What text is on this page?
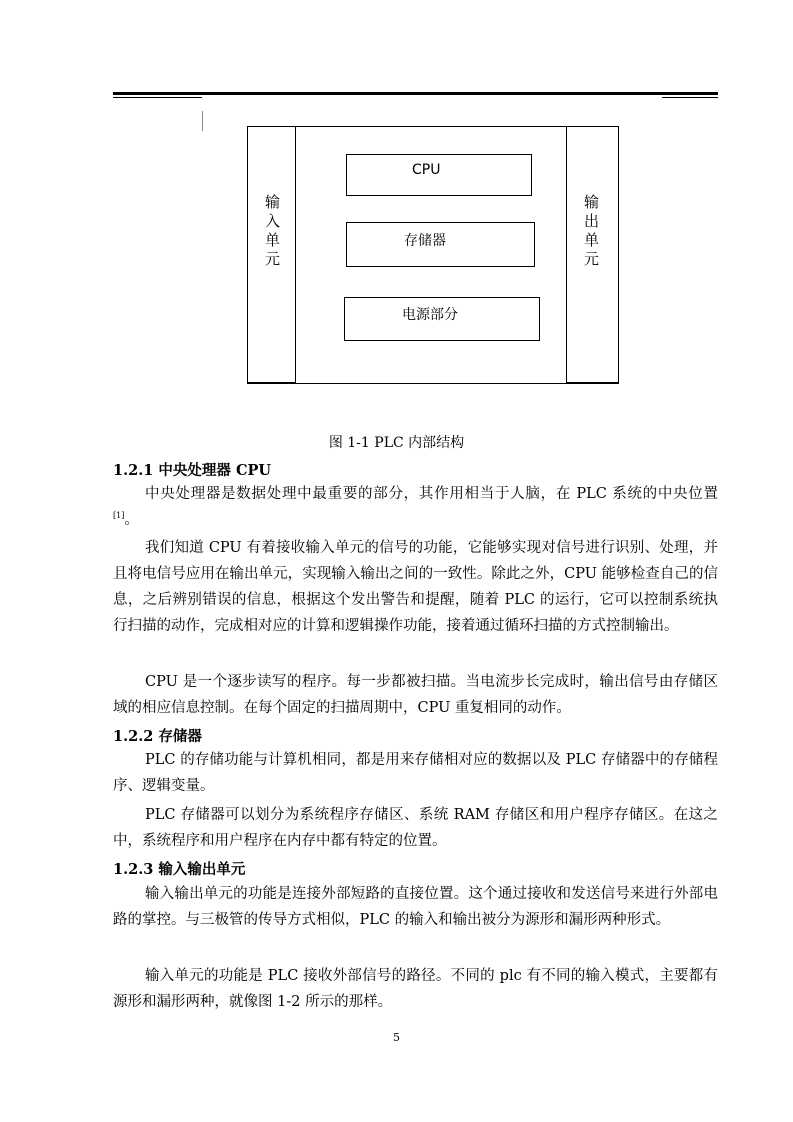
输入单元	输出单元
CPU
存储器
电源部分
图 1-1 PLC 内部结构
1.2.1 中央处理器 CPU
中央处理器是数据处理中最重要的部分，其作用相当于人脑，在 PLC 系统的中央位置[1]。
我们知道 CPU 有着接收输入单元的信号的功能，它能够实现对信号进行识别、处理，并且将电信号应用在输出单元，实现输入输出之间的一致性。除此之外，CPU 能够检查自己的信息，之后辨别错误的信息，根据这个发出警告和提醒，随着 PLC 的运行，它可以控制系统执行扫描的动作，完成相对应的计算和逻辑操作功能，接着通过循环扫描的方式控制输出。
CPU 是一个逐步读写的程序。每一步都被扫描。当电流步长完成时，输出信号由存储区域的相应信息控制。在每个固定的扫描周期中，CPU 重复相同的动作。
1.2.2 存储器
PLC 的存储功能与计算机相同，都是用来存储相对应的数据以及 PLC 存储器中的存储程序、逻辑变量。
PLC 存储器可以划分为系统程序存储区、系统 RAM 存储区和用户程序存储区。在这之中，系统程序和用户程序在内存中都有特定的位置。
1.2.3 输入输出单元
输入输出单元的功能是连接外部短路的直接位置。这个通过接收和发送信号来进行外部电路的掌控。与三极管的传导方式相似，PLC 的输入和输出被分为源形和漏形两种形式。
输入单元的功能是 PLC 接收外部信号的路径。不同的 plc 有不同的输入模式，主要都有源形和漏形两种，就像图 1-2 所示的那样。
5
